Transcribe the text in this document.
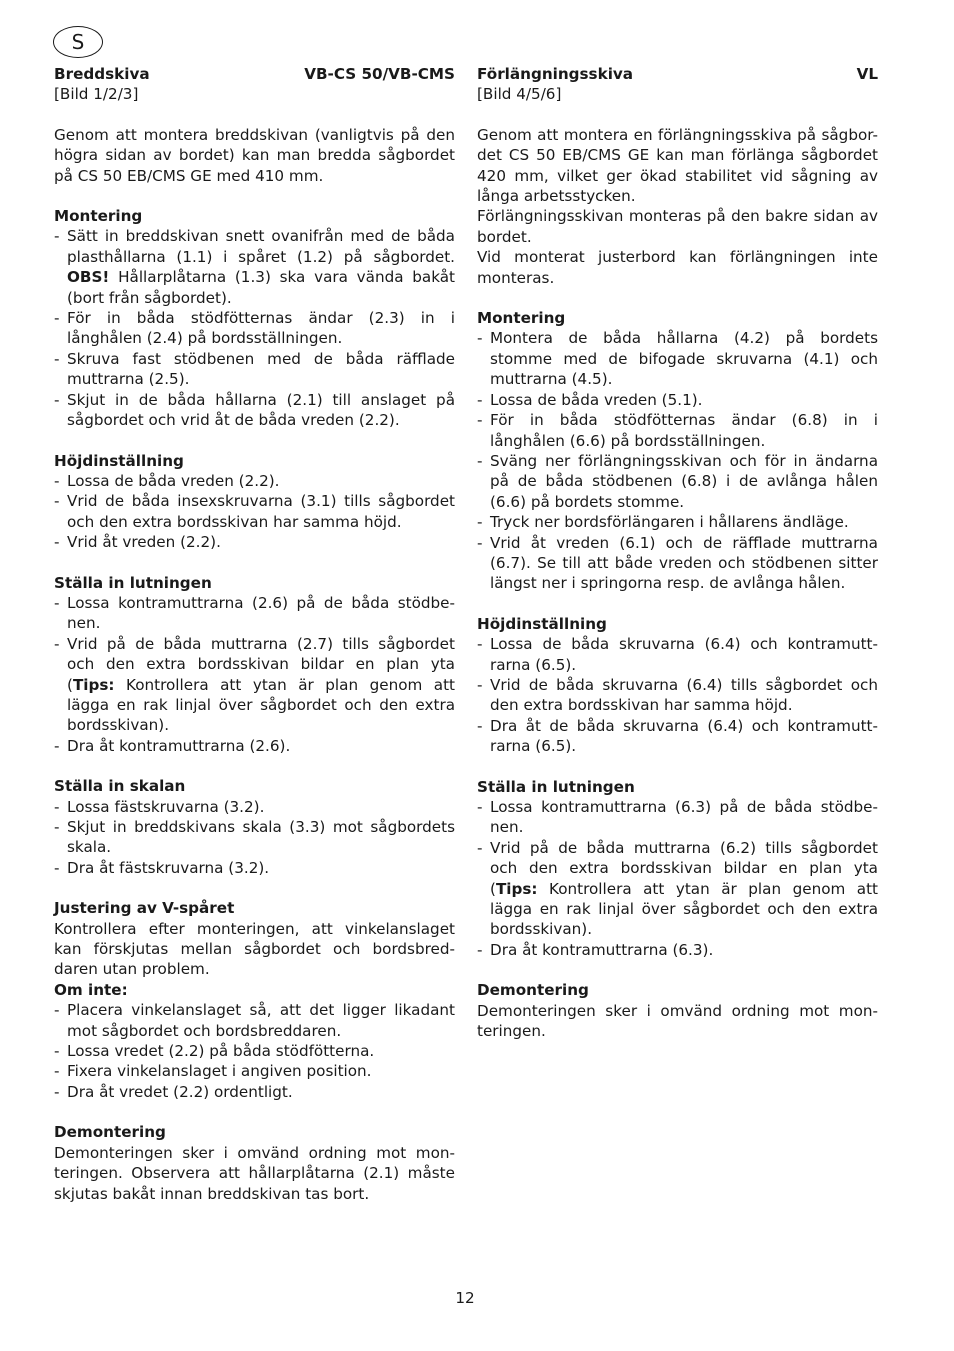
S
Breddskiva	VB-CS 50/VB-CMS
[Bild 1/2/3]

Genom att montera breddskivan (vanligtvis på den högra sidan av bordet) kan man bredda sågbordet på CS 50 EB/CMS GE med 410 mm.

Montering
- Sätt in breddskivan snett ovanifrån med de båda plasthållarna (1.1) i spåret (1.2) på sågbordet. OBS! Hållarplåtarna (1.3) ska vara vända bakåt (bort från sågbordet).
- För in båda stödfötternas ändar (2.3) in i långhålen (2.4) på bordsställningen.
- Skruva fast stödbenen med de båda räfflade muttrarna (2.5).
- Skjut in de båda hållarna (2.1) till anslaget på sågbordet och vrid åt de båda vreden (2.2).
Höjdinställning
- Lossa de båda vreden (2.2).
- Vrid de båda insexskruvarna (3.1) tills sågbordet och den extra bordsskivan har samma höjd.
- Vrid åt vreden (2.2).
Ställa in lutningen
- Lossa kontramuttrarna (2.6) på de båda stödbe-nen.
- Vrid på de båda muttrarna (2.7) tills sågbordet och den extra bordsskivan bildar en plan yta (Tips: Kontrollera att ytan är plan genom att lägga en rak linjal över sågbordet och den extra bordsskivan).
- Dra åt kontramuttrarna (2.6).
Ställa in skalan
- Lossa fästskruvarna (3.2).
- Skjut in breddskivans skala (3.3) mot sågbordets skala.
- Dra åt fästskruvarna (3.2).
Justering av V-spåret

Kontrollera efter monteringen, att vinkelanslaget kan förskjutas mellan sågbordet och bordsbred-daren utan problem.

Om inte:
- Placera vinkelanslaget så, att det ligger likadant mot sågbordet och bordsbreddaren.
- Lossa vredet (2.2) på båda stödfötterna.
- Fixera vinkelanslaget i angiven position.
- Dra åt vredet (2.2) ordentligt.
Demontering

Demonteringen sker i omvänd ordning mot mon-teringen. Observera att hållarplåtarna (2.1) måste skjutas bakåt innan breddskivan tas bort.

Förlängningsskiva	VL
[Bild 4/5/6]

Genom att montera en förlängningsskiva på sågbor-det CS 50 EB/CMS GE kan man förlänga sågbordet 420 mm, vilket ger ökad stabilitet vid sågning av långa arbetsstycken.

Förlängningsskivan monteras på den bakre sidan av bordet.

Vid monterat justerbord kan förlängningen inte monteras.

Montering
- Montera de båda hållarna (4.2) på bordets stomme med de bifogade skruvarna (4.1) och muttrarna (4.5).
- Lossa de båda vreden (5.1).
- För in båda stödfötternas ändar (6.8) in i långhålen (6.6) på bordsställningen.
- Sväng ner förlängningsskivan och för in ändarna på de båda stödbenen (6.8) i de avlånga hålen (6.6) på bordets stomme.
- Tryck ner bordsförlängaren i hållarens ändläge.
- Vrid åt vreden (6.1) och de räfflade muttrarna (6.7). Se till att både vreden och stödbenen sitter längst ner i springorna resp. de avlånga hålen.
Höjdinställning
- Lossa de båda skruvarna (6.4) och kontramutt-rarna (6.5).
- Vrid de båda skruvarna (6.4) tills sågbordet och den extra bordsskivan har samma höjd.
- Dra åt de båda skruvarna (6.4) och kontramutt-rarna (6.5).
Ställa in lutningen
- Lossa kontramuttrarna (6.3) på de båda stödbe-nen.
- Vrid på de båda muttrarna (6.2) tills sågbordet och den extra bordsskivan bildar en plan yta (Tips: Kontrollera att ytan är plan genom att lägga en rak linjal över sågbordet och den extra bordsskivan).
- Dra åt kontramuttrarna (6.3).
Demontering

Demonteringen sker i omvänd ordning mot mon-teringen.

12
